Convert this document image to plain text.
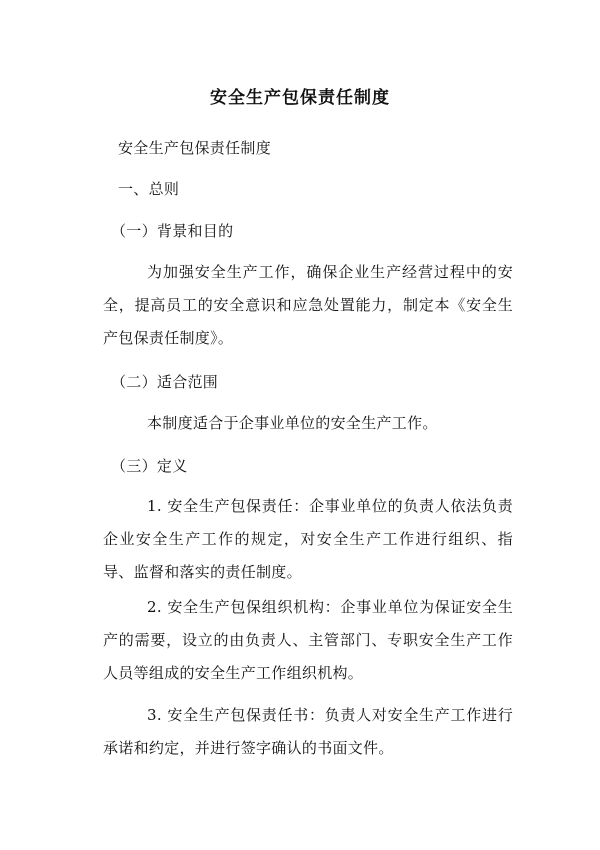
安全生产包保责任制度
安全生产包保责任制度
一、总则
（一）背景和目的
为加强安全生产工作，确保企业生产经营过程中的安全，提高员工的安全意识和应急处置能力，制定本《安全生产包保责任制度》。
（二）适合范围
本制度适合于企事业单位的安全生产工作。
（三）定义
1. 安全生产包保责任：企事业单位的负责人依法负责企业安全生产工作的规定，对安全生产工作进行组织、指导、监督和落实的责任制度。
2. 安全生产包保组织机构：企事业单位为保证安全生产的需要，设立的由负责人、主管部门、专职安全生产工作人员等组成的安全生产工作组织机构。
3. 安全生产包保责任书：负责人对安全生产工作进行承诺和约定，并进行签字确认的书面文件。
